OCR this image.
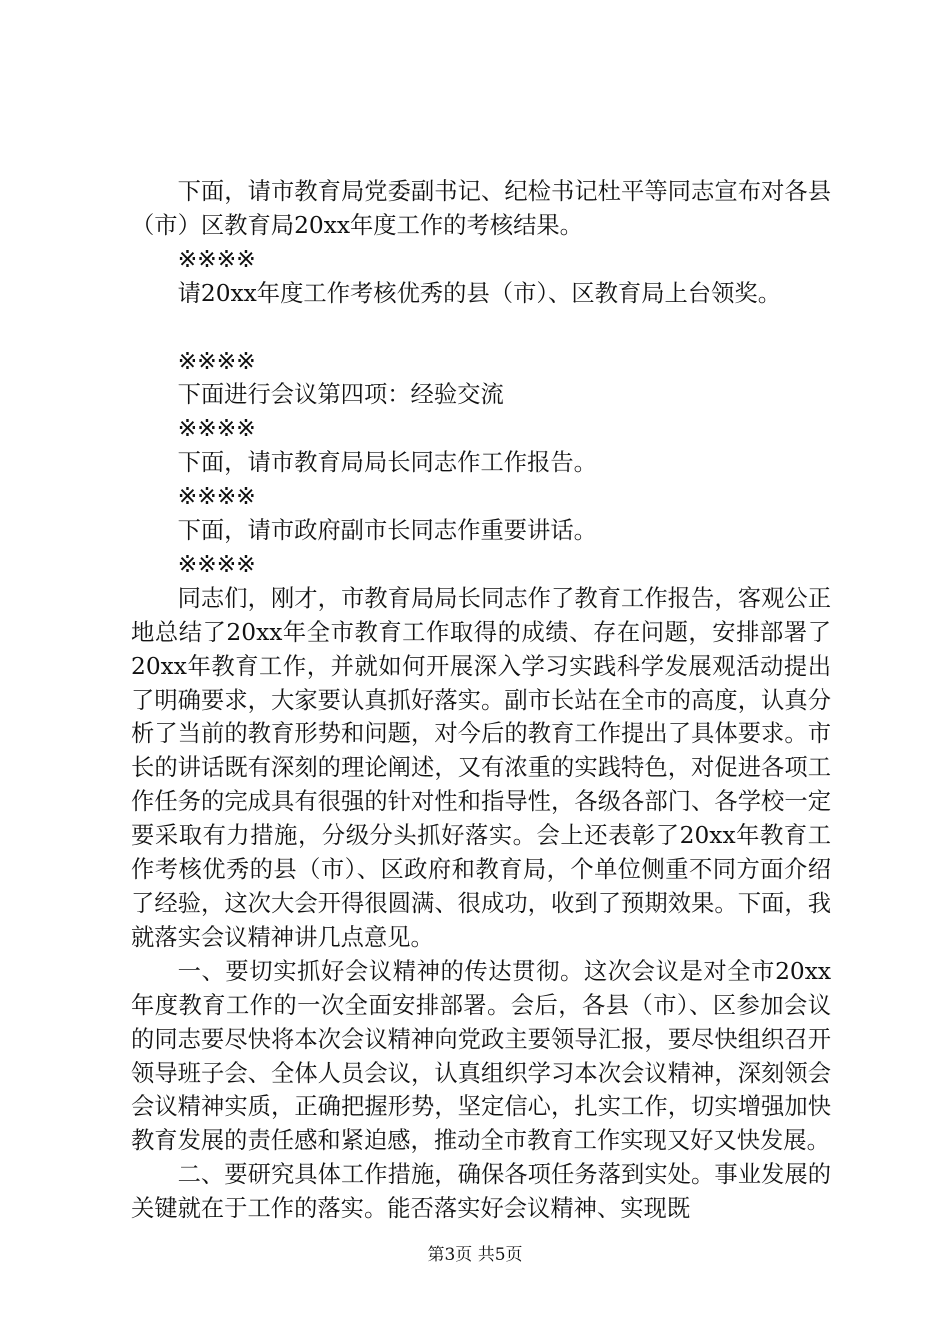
下面，请市教育局党委副书记、纪检书记杜平等同志宣布对各县（市）区教育局20xx年度工作的考核结果。

※※※※

请20xx年度工作考核优秀的县（市）、区教育局上台领奖。

※※※※

下面进行会议第四项：经验交流

※※※※

下面，请市教育局局长同志作工作报告。

※※※※

下面，请市政府副市长同志作重要讲话。

※※※※

同志们，刚才，市教育局局长同志作了教育工作报告，客观公正地总结了20xx年全市教育工作取得的成绩、存在问题，安排部署了20xx年教育工作，并就如何开展深入学习实践科学发展观活动提出了明确要求，大家要认真抓好落实。副市长站在全市的高度，认真分析了当前的教育形势和问题，对今后的教育工作提出了具体要求。市长的讲话既有深刻的理论阐述，又有浓重的实践特色，对促进各项工作任务的完成具有很强的针对性和指导性，各级各部门、各学校一定要采取有力措施，分级分头抓好落实。会上还表彰了20xx年教育工作考核优秀的县（市）、区政府和教育局，个单位侧重不同方面介绍了经验，这次大会开得很圆满、很成功，收到了预期效果。下面，我就落实会议精神讲几点意见。

一、要切实抓好会议精神的传达贯彻。这次会议是对全市20xx年度教育工作的一次全面安排部署。会后，各县（市）、区参加会议的同志要尽快将本次会议精神向党政主要领导汇报，要尽快组织召开领导班子会、全体人员会议，认真组织学习本次会议精神，深刻领会会议精神实质，正确把握形势，坚定信心，扎实工作，切实增强加快教育发展的责任感和紧迫感，推动全市教育工作实现又好又快发展。

二、要研究具体工作措施，确保各项任务落到实处。事业发展的关键就在于工作的落实。能否落实好会议精神、实现既

第3页 共5页
